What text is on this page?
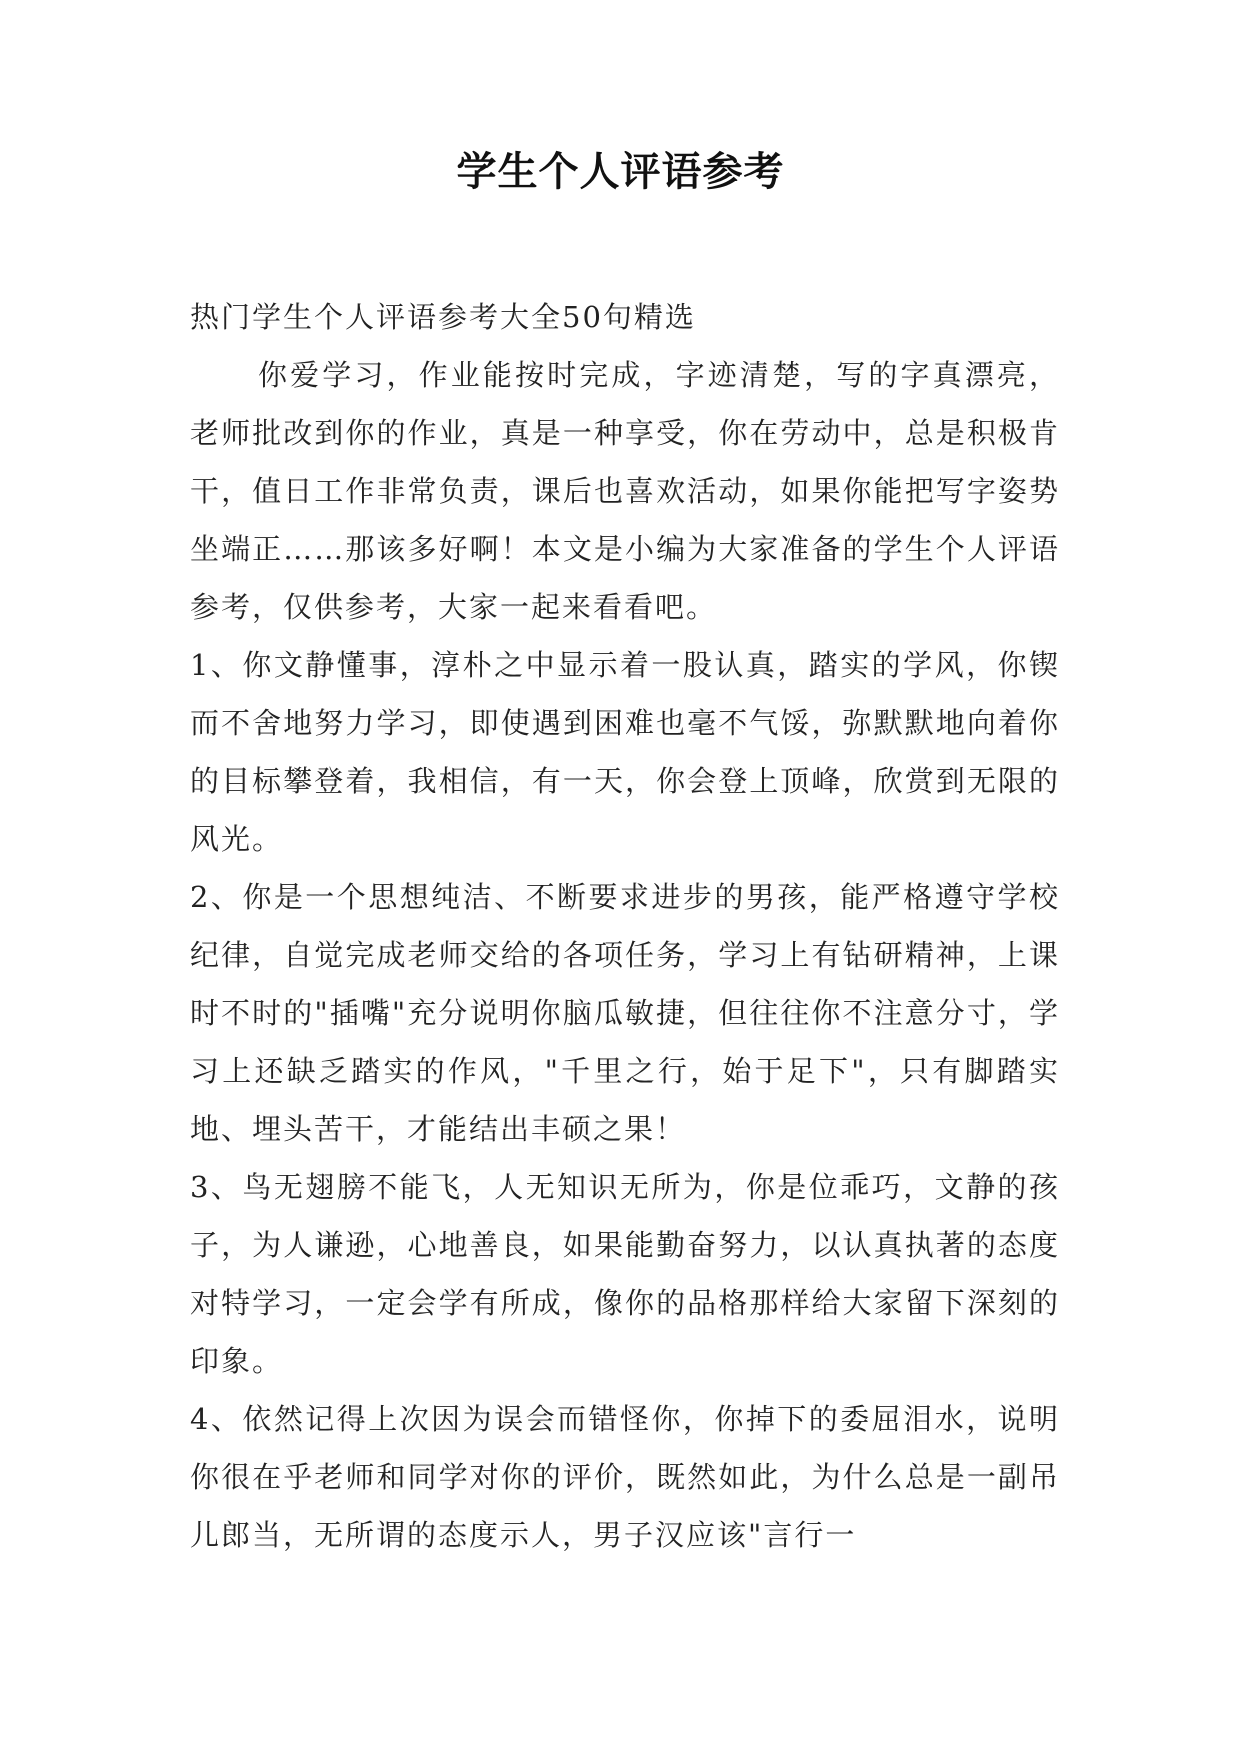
学生个人评语参考

热门学生个人评语参考大全50句精选

你爱学习，作业能按时完成，字迹清楚，写的字真漂亮，老师批改到你的作业，真是一种享受，你在劳动中，总是积极肯干，值日工作非常负责，课后也喜欢活动，如果你能把写字姿势坐端正……那该多好啊！本文是小编为大家准备的学生个人评语参考，仅供参考，大家一起来看看吧。

1、你文静懂事，淳朴之中显示着一股认真，踏实的学风，你锲而不舍地努力学习，即使遇到困难也毫不气馁，弥默默地向着你的目标攀登着，我相信，有一天，你会登上顶峰，欣赏到无限的风光。

2、你是一个思想纯洁、不断要求进步的男孩，能严格遵守学校纪律，自觉完成老师交给的各项任务，学习上有钻研精神，上课时不时的"插嘴"充分说明你脑瓜敏捷，但往往你不注意分寸，学习上还缺乏踏实的作风，"千里之行，始于足下"，只有脚踏实地、埋头苦干，才能结出丰硕之果！

3、鸟无翅膀不能飞，人无知识无所为，你是位乖巧，文静的孩子，为人谦逊，心地善良，如果能勤奋努力，以认真执著的态度对特学习，一定会学有所成，像你的品格那样给大家留下深刻的印象。

4、依然记得上次因为误会而错怪你，你掉下的委屈泪水，说明你很在乎老师和同学对你的评价，既然如此，为什么总是一副吊儿郎当，无所谓的态度示人，男子汉应该"言行一
